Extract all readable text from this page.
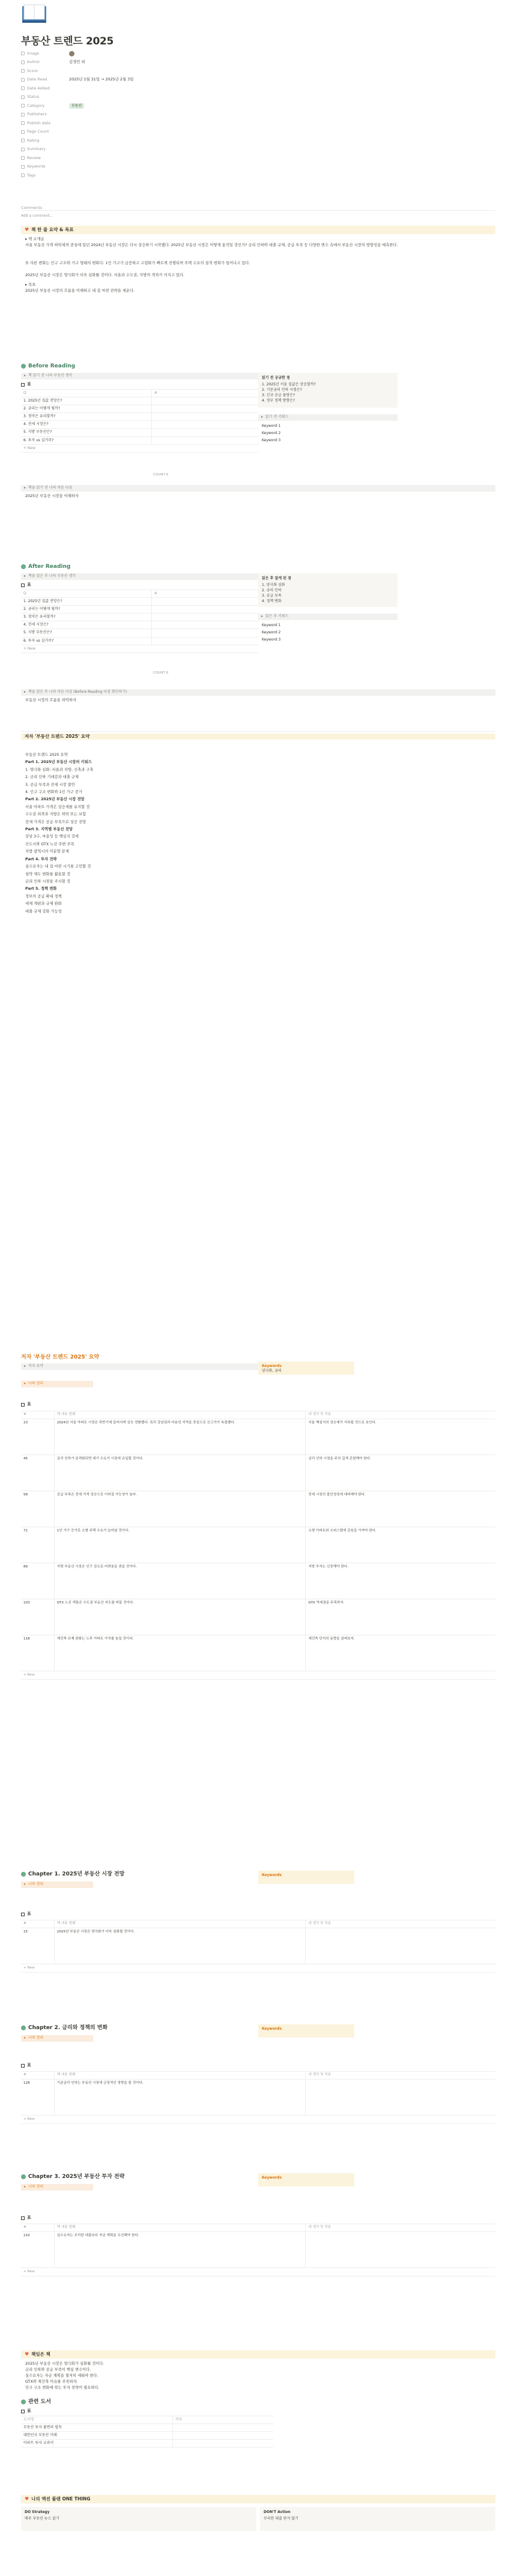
부동산 트렌드 2025
Image
Author	김경민 외
Score
Date Read	2025년 1월 31일 → 2025년 2월 3일
Date Added
Status
Category	부동산
Publishers
Publish date
Page Count
Rating
Summary
Review
Keywords
Tags
Comments
Add a comment...
♥ 책 한 줄 요약 & 목표
▸ 책 소개글
서울 부동산 가격 하락세의 중심에 있던 2024년 부동산 시장은 다시 상승하기 시작했다. 2025년 부동산 시장은 어떻게 움직일 것인가? 금리 인하와 대출 규제, 공급 부족 등 다양한 변수 속에서 부동산 시장의 방향성을 예측한다.
또 다른 변화는 인구 구조와 가구 형태의 변화다. 1인 가구가 급증하고 고령화가 빠르게 진행되며 주택 수요의 질적 변화가 일어나고 있다.
2025년 부동산 시장은 양극화가 더욱 심화될 것이다. 서울과 수도권, 지방의 격차가 커지고 있다.
▸ 목표
2025년 부동산 시장의 흐름을 이해하고 내 집 마련 전략을 세운다.
Before Reading
▸ 책 읽기 전 나의 부동산 생각
표
Q	A
1. 2025년 집값 전망은?	
2. 금리는 어떻게 될까?	
3. 청약은 유리할까?	
4. 전세 시장은?	
5. 지방 부동산은?	
6. 투자 vs 실거주?	
+ New	
COUNT 6
읽기 전 궁금한 점
1. 2025년 서울 집값은 상승할까?
2. 기준금리 인하 시점은?
3. 신규 공급 물량은?
4. 정부 정책 방향은?
▸ 읽기 전 키워드
Keyword 1
Keyword 2
Keyword 3
▸ 책을 읽기 전 나의 마음 다짐
2025년 부동산 시장을 이해하자
After Reading
▸ 책을 읽은 후 나의 부동산 생각
표
Q	A
1. 2025년 집값 전망은?	
2. 금리는 어떻게 될까?	
3. 청약은 유리할까?	
4. 전세 시장은?	
5. 지방 부동산은?	
6. 투자 vs 실거주?	
+ New	
COUNT 6
읽은 후 알게 된 점
1. 양극화 심화
2. 금리 인하
3. 공급 부족
4. 정책 변화
▸ 읽은 후 키워드
Keyword 1
Keyword 2
Keyword 3
▸ 책을 읽은 후 나의 마음 다짐 (Before Reading 다짐 확인하기)
부동산 시장의 흐름을 파악하자
저자 '부동산 트렌드 2025' 요약
부동산 트렌드 2025 요약
Part 1. 2025년 부동산 시장의 키워드
1. 양극화 심화: 서울과 지방, 신축과 구축
2. 금리 인하 기대감과 대출 규제
3. 공급 부족과 전세 시장 불안
4. 인구 구조 변화와 1인 가구 증가
Part 2. 2025년 부동산 시장 전망
서울 아파트 가격은 상승세를 유지할 것
수도권 외곽과 지방은 하락 또는 보합
전세 가격은 공급 부족으로 상승 전망
Part 3. 지역별 부동산 전망
강남 3구, 마용성 등 핵심지 강세
신도시와 GTX 노선 주변 주목
지방 광역시의 미분양 문제
Part 4. 투자 전략
실수요자는 내 집 마련 시기를 고민할 것
청약 제도 변화를 활용할 것
금리 인하 시점을 주시할 것
Part 5. 정책 변화
정부의 공급 확대 정책
세제 개편과 규제 완화
대출 규제 강화 가능성
저자 '부동산 트렌드 2025' 요약
▸ 저자 요약	Keywords
양극화, 금리
▸ 나의 정리
표
#	책 내용 발췌	내 생각 및 적용
23	2024년 서울 아파트 시장은 하반기에 들어서며 상승 전환했다. 특히 강남권과 마용성 지역을 중심으로 신고가가 속출했다.	서울 핵심지의 상승세가 지속될 것으로 보인다.
45	금리 인하가 본격화되면 대기 수요가 시장에 유입될 것이다.	금리 인하 시점을 주의 깊게 관찰해야 한다.
58	공급 부족은 전세 가격 상승으로 이어질 가능성이 높다.	전세 시장의 불안정성에 대비해야 한다.
72	1인 가구 증가로 소형 주택 수요가 늘어날 것이다.	소형 아파트와 오피스텔에 관심을 가져야 한다.
89	지방 부동산 시장은 인구 감소로 어려움을 겪을 것이다.	지방 투자는 신중해야 한다.
103	GTX 노선 개통은 수도권 부동산 지도를 바꿀 것이다.	GTX 역세권을 주목하자.
118	재건축 규제 완화는 노후 아파트 가치를 높일 것이다.	재건축 단지의 동향을 살펴보자.
+ New		
Chapter 1. 2025년 부동산 시장 전망
▸ 나의 정리
Keywords
표
#	책 내용 발췌	내 생각 및 적용
15	2025년 부동산 시장은 양극화가 더욱 심화될 것이다.	
+ New		
Chapter 2. 금리와 정책의 변화
▸ 나의 정리
Keywords
표
#	책 내용 발췌	내 생각 및 적용
128	기준금리 인하는 부동산 시장에 긍정적인 영향을 줄 것이다.	
+ New		
Chapter 3. 2025년 부동산 투자 전략
▸ 나의 정리
Keywords
표
#	책 내용 발췌	내 생각 및 적용
210	실수요자는 무리한 대출보다 자금 계획을 우선해야 한다.	
+ New		
♥ 책임은 책
2025년 부동산 시장은 양극화가 심화될 것이다.
금리 인하와 공급 부족이 핵심 변수이다.
실수요자는 자금 계획을 철저히 세워야 한다.
GTX와 재건축 이슈를 주목하자.
인구 구조 변화에 맞는 투자 전략이 필요하다.
관련 도서
표
도서명	저자
부동산 투자 불변의 법칙	
대한민국 부동산 미래	
아파트 투자 교과서	
♥ 나의 액션 플랜 ONE THING
DO Strategy
매주 부동산 뉴스 읽기
DON'T Action
무리한 대출 받지 않기
